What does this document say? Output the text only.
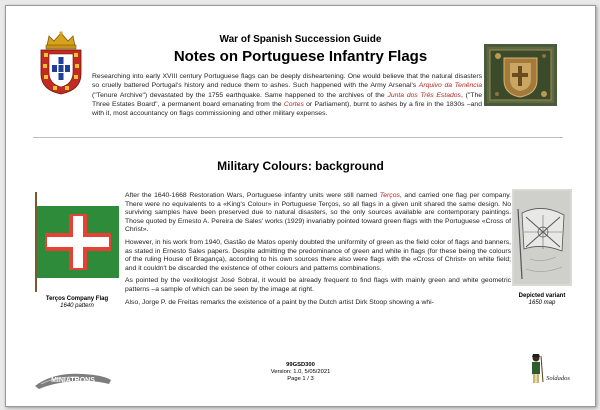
War of Spanish Succession Guide
Notes on Portuguese Infantry Flags

Researching into early XVIII century Portuguese flags can be deeply disheartening. One would believe that the natural disasters so cruelly battered Portugal's history and reduce them to ashes. Such happened with the Army Arsenal's Arquivo da Tenência ("Tenure Archive") devastated by the 1755 earthquake. Same happened to the archives of the Junta dos Três Estados, ("The Three Estates Board", a permanent board emanating from the Cortes or Parliament), burnt to ashes by a fire in the 1830s –and with it, most accountancy on flags commissioning and other military expenses.

Military Colours: background
Terços Company Flag
1640 pattern
Depicted variant
1650 map

After the 1640-1668 Restoration Wars, Portuguese infantry units were still named Terços, and carried one flag per company. There were no equivalents to a «King's Colour» in Portuguese Terços, so all flags in a given unit shared the same design. No surviving samples have been preserved due to natural disasters, so the only sources available are contemporary paintings. Those quoted by Ernesto A. Pereira de Sales' works (1929) invariably pointed toward green flags with the Portuguese «Cross of Christ».

However, in his work from 1940, Gastão de Matos openly doubted the uniformity of green as the field color of flags and banners, as stated in Ernesto Sales papers. Despite admitting the predominance of green and white in flags (for these being the colours of the ruling House of Bragança), according to his own sources there also were flags with the «Cross of Christ» on white field; and it couldn't be discarded the existence of other colours and patterns combinations.

As pointed by the vexillologist José Sobral, it would be already frequent to find flags with mainly green and white geometric patterns –a sample of which can be seen by the image at right.

Also, Jorge P. de Freitas remarks the existence of a paint by the Dutch artist Dirk Stoop showing a whi-

MINIATRONS
99GSD300
Version: 1.0, 5/05/2021
Page 1 / 3	Soldados
